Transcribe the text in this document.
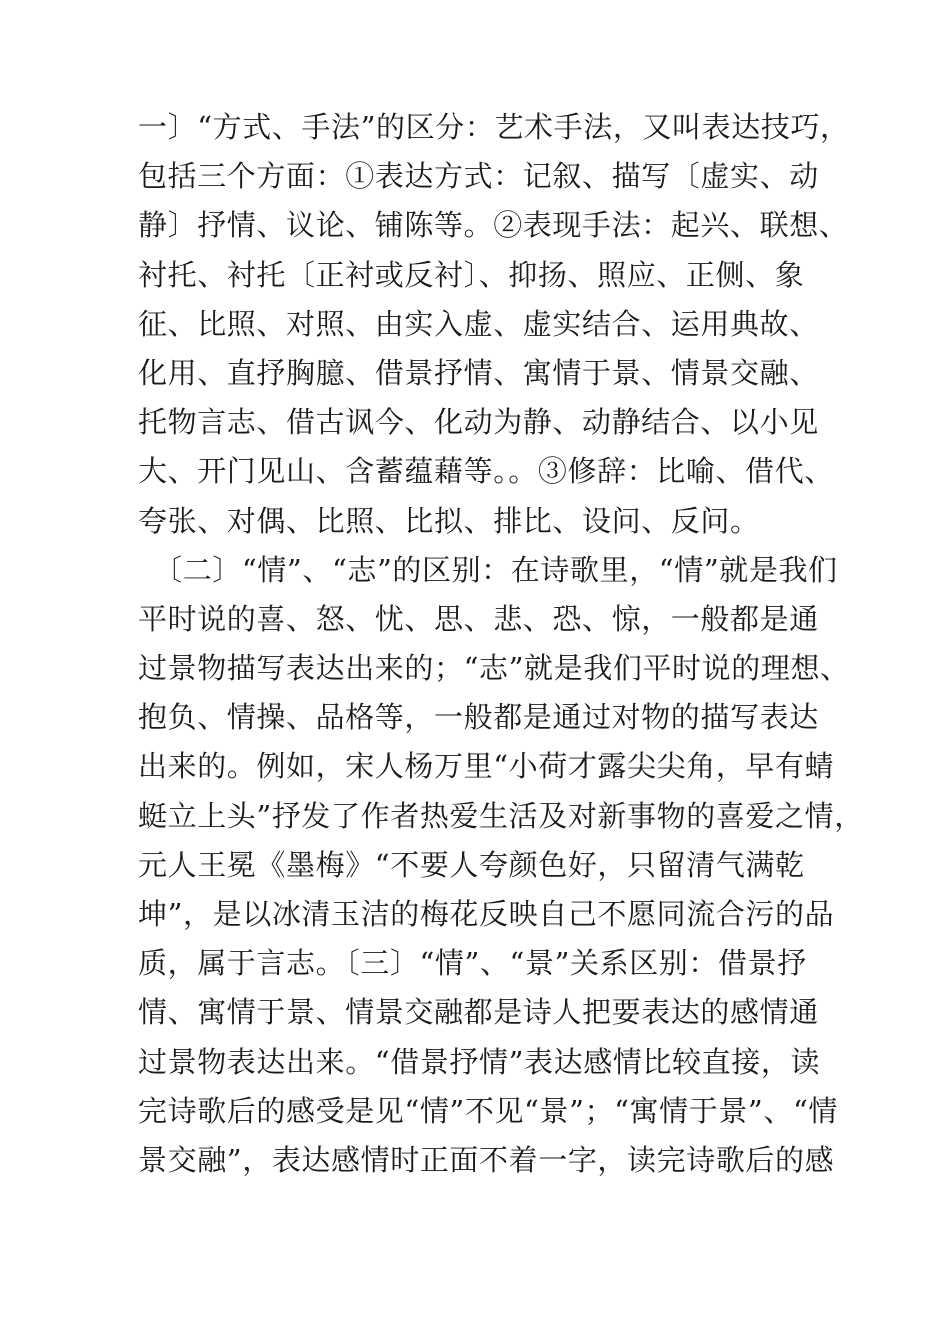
一〕“方式、手法”的区分：艺术手法，又叫表达技巧，
包括三个方面：①表达方式：记叙、描写〔虚实、动
静〕抒情、议论、铺陈等。②表现手法：起兴、联想、
衬托、衬托〔正衬或反衬〕、抑扬、照应、正侧、象
征、比照、对照、由实入虚、虚实结合、运用典故、
化用、直抒胸臆、借景抒情、寓情于景、情景交融、
托物言志、借古讽今、化动为静、动静结合、以小见
大、开门见山、含蓄蕴藉等。。③修辞：比喻、借代、
夸张、对偶、比照、比拟、排比、设问、反问。
　〔二〕“情”、“志”的区别：在诗歌里，“情”就是我们
平时说的喜、怒、忧、思、悲、恐、惊，一般都是通
过景物描写表达出来的；“志”就是我们平时说的理想、
抱负、情操、品格等，一般都是通过对物的描写表达
出来的。例如，宋人杨万里“小荷才露尖尖角，早有蜻
蜓立上头”抒发了作者热爱生活及对新事物的喜爱之情，
元人王冕《墨梅》“不要人夸颜色好，只留清气满乾
坤”，是以冰清玉洁的梅花反映自己不愿同流合污的品
质，属于言志。〔三〕“情”、“景”关系区别：借景抒
情、寓情于景、情景交融都是诗人把要表达的感情通
过景物表达出来。“借景抒情”表达感情比较直接，读
完诗歌后的感受是见“情”不见“景”；“寓情于景”、“情
景交融”，表达感情时正面不着一字，读完诗歌后的感
